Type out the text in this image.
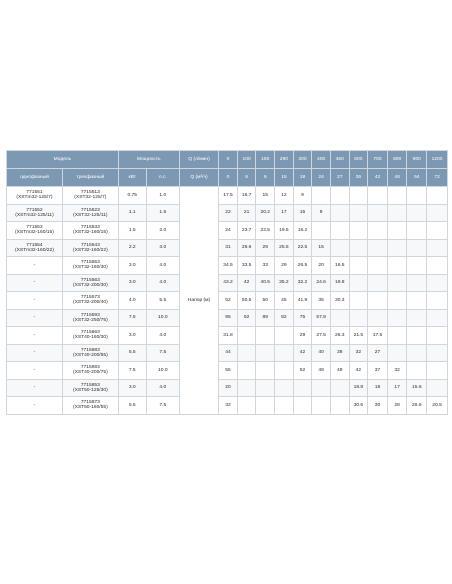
Модель		Мощность		Q (л/мин)	0	100	150	290	300	400	450	600	700	800	900	1200
однофазный	трехфазный	кВт	л.с.	Q (м³/ч)	0	6	9	15	18	24	27	36	42	48	54	72

771551
(XSTm32-125/7)	7715513
(XST32-125/7)	0.75	1.0	Напор (м)	17.5	16.7	15	12	9							

771552
(XSTm32-125/11)	7715523
(XST32-125/11)	1.1	1.5		22	21	20.2	17	15	9						

771553
(XSTm32-160/15)	7715533
(XST32-160/15)	1.5	2.0		24	23.7	22.5	19.5	16.2							

771554
(XSTm32-160/22)	7715543
(XST32-160/22)	2.2	3.0		31	29.6	29	25.5	22.5	15						

-	7715553
(XST32-160/30)	3.0	4.0		34.5	33.5	33	29	26.5	20	16.5					

-	7715563
(XST32-200/30)	3.0	4.0		43.2	42	40.5	35.2	32.2	24.6	19.8					

-	7715573
(XST32-200/40)	4.0	5.5		52	50.5	50	45	41.9	35	30.3					

-	7715593
(XST32-250/75)	7.5	10.0		95	92	89	82	75	57.8						

-	7715663
(XST40-160/30)	3.0	4.0		31.8				29	27.5	26.3	21.5	17.5			

-	7715683
(XST40-200/55)	5.5	7.5		44				42	40	38	32	27			

-	7715693
(XST40-200/75)	7.5	10.0		55				52	49	48	42	37	32		

-	7715853
(XST50-125/30)	3.0	4.0		20							18.8	18	17	15.6	

-	7715873
(XST50-160/55)	5.5	7.5		32							30.6	30	28	26.6	20.5
